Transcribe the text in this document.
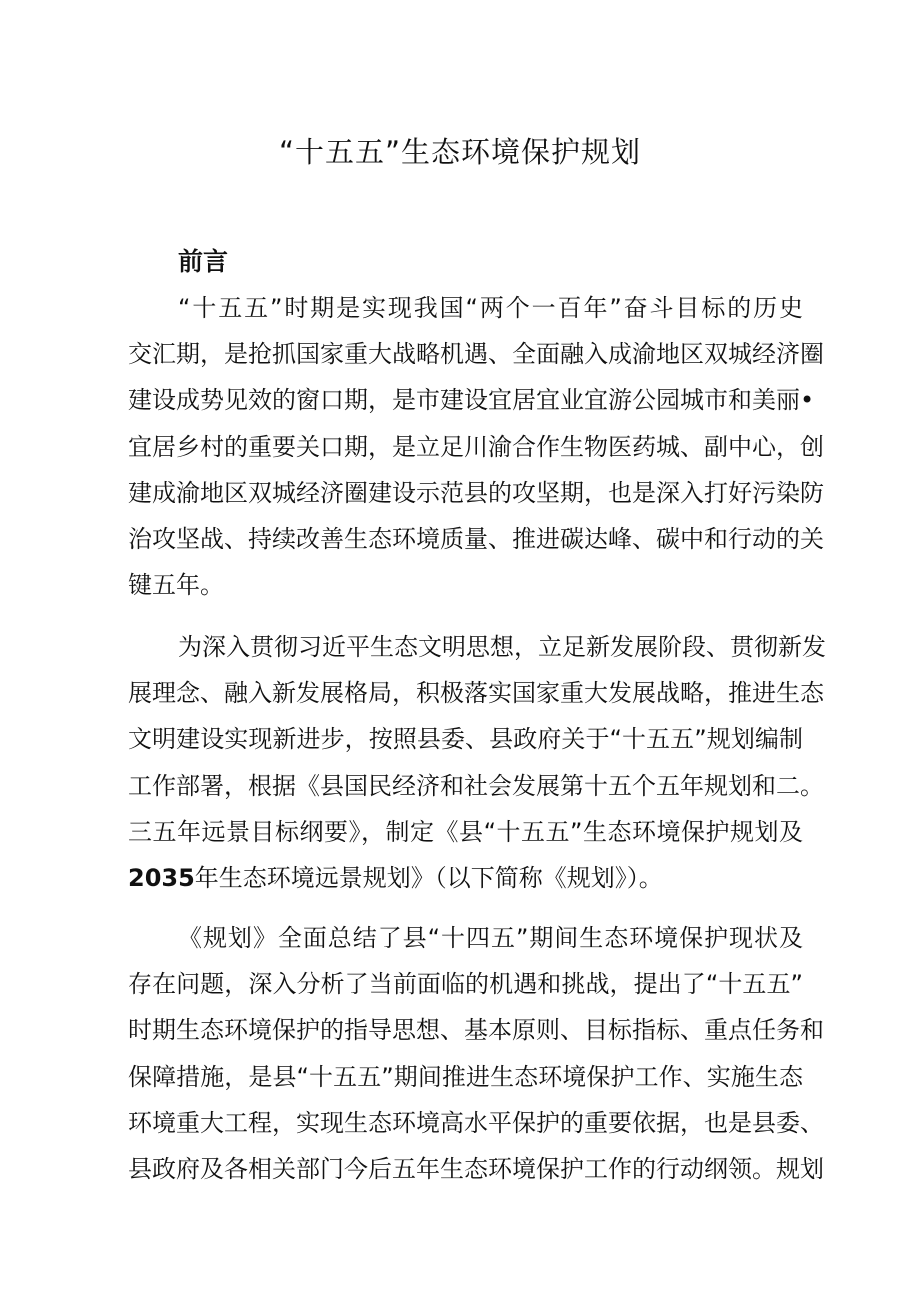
“十五五”生态环境保护规划
前言
“十五五”时期是实现我国“两个一百年”奋斗目标的历史
交汇期，是抢抓国家重大战略机遇、全面融入成渝地区双城经济圈
建设成势见效的窗口期，是市建设宜居宜业宜游公园城市和美丽•
宜居乡村的重要关口期，是立足川渝合作生物医药城、副中心，创
建成渝地区双城经济圈建设示范县的攻坚期，也是深入打好污染防
治攻坚战、持续改善生态环境质量、推进碳达峰、碳中和行动的关
键五年。
为深入贯彻习近平生态文明思想，立足新发展阶段、贯彻新发
展理念、融入新发展格局，积极落实国家重大发展战略，推进生态
文明建设实现新进步，按照县委、县政府关于“十五五”规划编制
工作部署，根据《县国民经济和社会发展第十五个五年规划和二。
三五年远景目标纲要》，制定《县“十五五”生态环境保护规划及
2035年生态环境远景规划》（以下简称《规划》）。
《规划》全面总结了县“十四五”期间生态环境保护现状及
存在问题，深入分析了当前面临的机遇和挑战，提出了“十五五”
时期生态环境保护的指导思想、基本原则、目标指标、重点任务和
保障措施，是县“十五五”期间推进生态环境保护工作、实施生态
环境重大工程，实现生态环境高水平保护的重要依据，也是县委、
县政府及各相关部门今后五年生态环境保护工作的行动纲领。规划
